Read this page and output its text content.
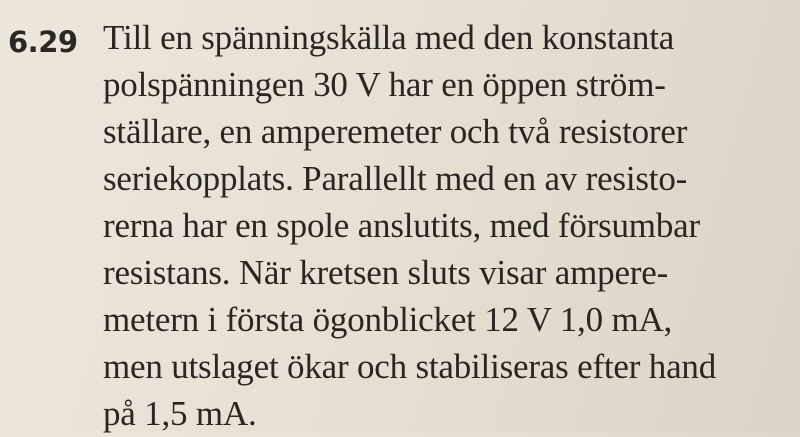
6.29 Till en spänningskälla med den konstanta
polspänningen 30 V har en öppen ström-
ställare, en amperemeter och två resistorer
seriekopplats. Parallellt med en av resisto-
rerna har en spole anslutits, med försumbar
resistans. När kretsen sluts visar ampere-
metern i första ögonblicket 12 V 1,0 mA,
men utslaget ökar och stabiliseras efter hand
på 1,5 mA.
